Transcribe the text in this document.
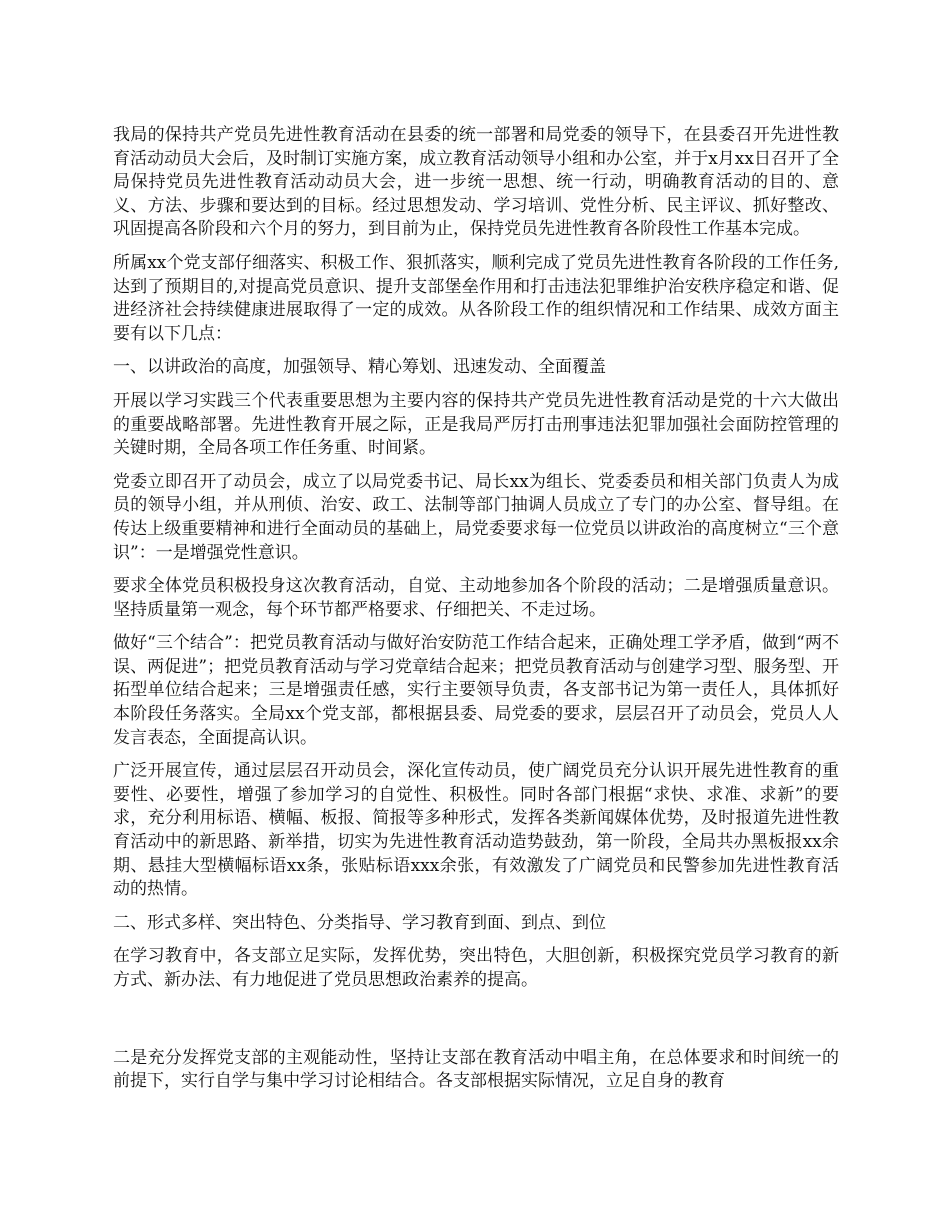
我局的保持共产党员先进性教育活动在县委的统一部署和局党委的领导下，在县委召开先进性教育活动动员大会后，及时制订实施方案，成立教育活动领导小组和办公室，并于x月xx日召开了全局保持党员先进性教育活动动员大会，进一步统一思想、统一行动，明确教育活动的目的、意义、方法、步骤和要达到的目标。经过思想发动、学习培训、党性分析、民主评议、抓好整改、巩固提高各阶段和六个月的努力，到目前为止，保持党员先进性教育各阶段性工作基本完成。

所属xx个党支部仔细落实、积极工作、狠抓落实，顺利完成了党员先进性教育各阶段的工作任务,达到了预期目的,对提高党员意识、提升支部堡垒作用和打击违法犯罪维护治安秩序稳定和谐、促进经济社会持续健康进展取得了一定的成效。从各阶段工作的组织情况和工作结果、成效方面主要有以下几点：

一、以讲政治的高度，加强领导、精心筹划、迅速发动、全面覆盖

开展以学习实践三个代表重要思想为主要内容的保持共产党员先进性教育活动是党的十六大做出的重要战略部署。先进性教育开展之际，正是我局严厉打击刑事违法犯罪加强社会面防控管理的关键时期，全局各项工作任务重、时间紧。

党委立即召开了动员会，成立了以局党委书记、局长xx为组长、党委委员和相关部门负责人为成员的领导小组，并从刑侦、治安、政工、法制等部门抽调人员成立了专门的办公室、督导组。在传达上级重要精神和进行全面动员的基础上，局党委要求每一位党员以讲政治的高度树立“三个意识”：一是增强党性意识。

要求全体党员积极投身这次教育活动，自觉、主动地参加各个阶段的活动；二是增强质量意识。坚持质量第一观念，每个环节都严格要求、仔细把关、不走过场。

做好“三个结合”：把党员教育活动与做好治安防范工作结合起来，正确处理工学矛盾，做到“两不误、两促进”；把党员教育活动与学习党章结合起来；把党员教育活动与创建学习型、服务型、开拓型单位结合起来；三是增强责任感，实行主要领导负责，各支部书记为第一责任人，具体抓好本阶段任务落实。全局xx个党支部，都根据县委、局党委的要求，层层召开了动员会，党员人人发言表态，全面提高认识。

广泛开展宣传，通过层层召开动员会，深化宣传动员，使广阔党员充分认识开展先进性教育的重要性、必要性，增强了参加学习的自觉性、积极性。同时各部门根据“求快、求准、求新”的要求，充分利用标语、横幅、板报、简报等多种形式，发挥各类新闻媒体优势，及时报道先进性教育活动中的新思路、新举措，切实为先进性教育活动造势鼓劲，第一阶段，全局共办黑板报xx余期、悬挂大型横幅标语xx条，张贴标语xxx余张，有效激发了广阔党员和民警参加先进性教育活动的热情。

二、形式多样、突出特色、分类指导、学习教育到面、到点、到位

在学习教育中，各支部立足实际，发挥优势，突出特色，大胆创新，积极探究党员学习教育的新方式、新办法、有力地促进了党员思想政治素养的提高。

二是充分发挥党支部的主观能动性，坚持让支部在教育活动中唱主角，在总体要求和时间统一的前提下，实行自学与集中学习讨论相结合。各支部根据实际情况，立足自身的教育
